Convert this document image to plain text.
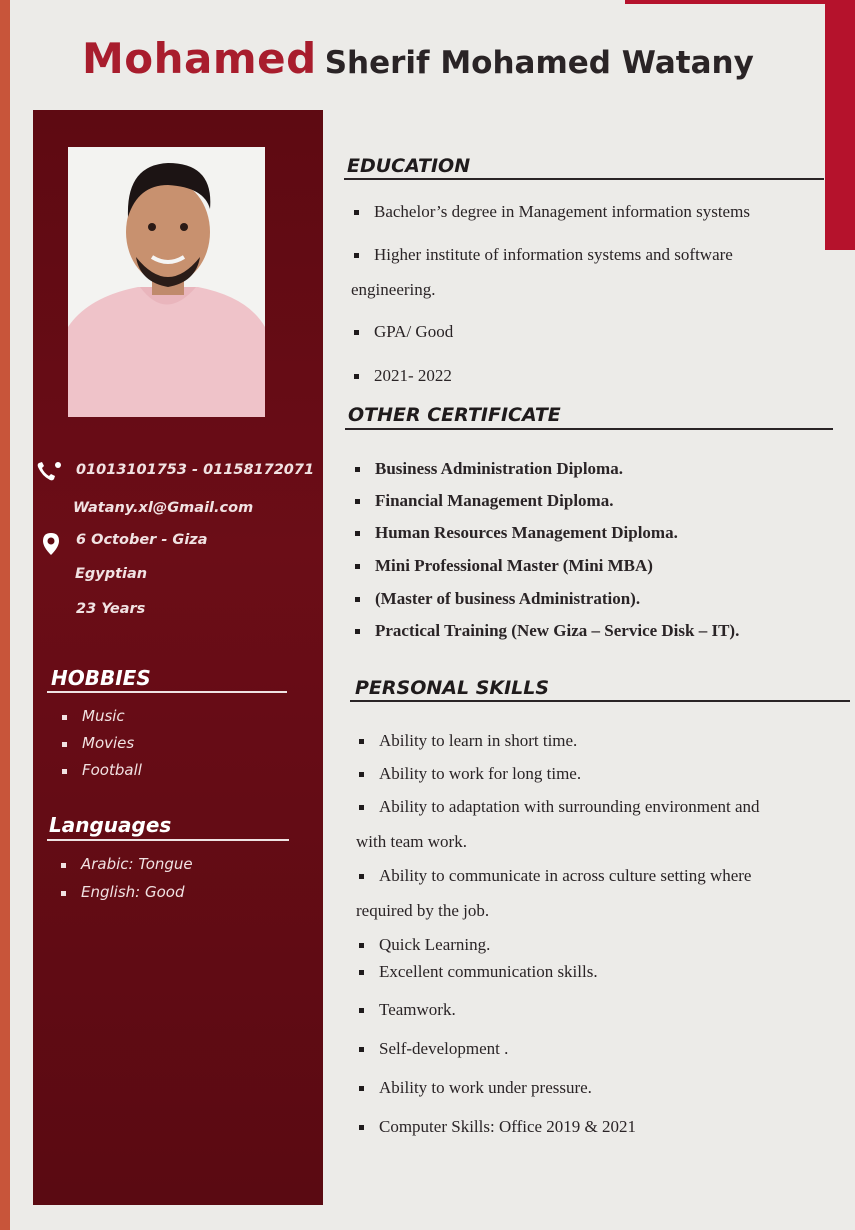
Mohamed Sherif Mohamed Watany
01013101753 - 01158172071
Watany.xl@Gmail.com
6 October - Giza
Egyptian
23 Years
HOBBIES
Music
Movies
Football
Languages
Arabic: Tongue
English: Good
EDUCATION
Bachelor’s degree in Management information systems
Higher institute of information systems and software
engineering.
GPA/ Good
2021- 2022
OTHER CERTIFICATE
Business Administration Diploma.
Financial Management Diploma.
Human Resources Management Diploma.
Mini Professional Master (Mini MBA)
(Master of business Administration).
Practical Training (New Giza – Service Disk – IT).
PERSONAL SKILLS
Ability to learn in short time.
Ability to work for long time.
Ability to adaptation with surrounding environment and
with team work.
Ability to communicate in across culture setting where
required by the job.
Quick Learning.
Excellent communication skills.
Teamwork.
Self-development .
Ability to work under pressure.
Computer Skills: Office 2019 & 2021
